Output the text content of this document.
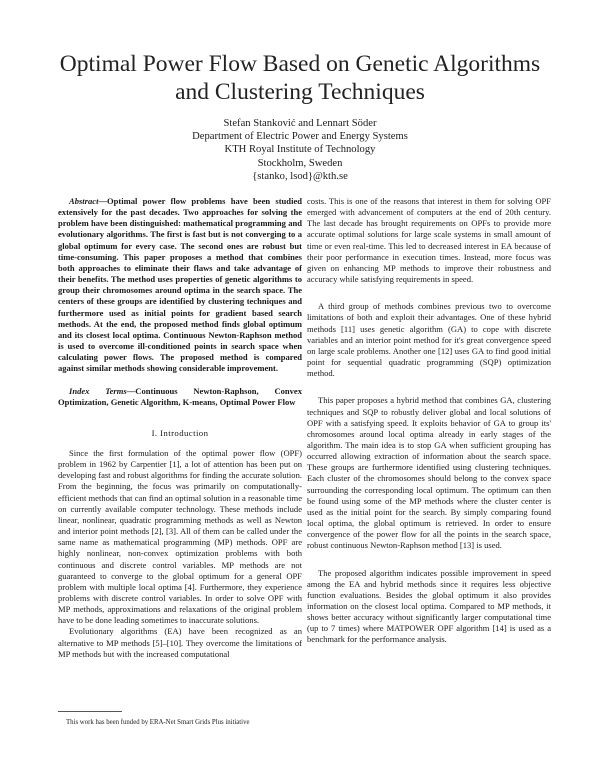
Optimal Power Flow Based on Genetic Algorithms
and Clustering Techniques
Stefan Stanković and Lennart Söder
Department of Electric Power and Energy Systems
KTH Royal Institute of Technology
Stockholm, Sweden
{stanko, lsod}@kth.se

Abstract—Optimal power flow problems have been studied extensively for the past decades. Two approaches for solving the problem have been distinguished: mathematical programming and evolutionary algorithms. The first is fast but is not converging to a global optimum for every case. The second ones are robust but time-consuming. This paper proposes a method that combines both approaches to eliminate their flaws and take advantage of their benefits. The method uses properties of genetic algorithms to group their chromosomes around optima in the search space. The centers of these groups are identified by clustering techniques and furthermore used as initial points for gradient based search methods. At the end, the proposed method finds global optimum and its closest local optima. Continuous Newton-Raphson method is used to overcome ill-conditioned points in search space when calculating power flows. The proposed method is compared against similar methods showing considerable improvement.

Index Terms—Continuous Newton-Raphson, Convex Optimization, Genetic Algorithm, K-means, Optimal Power Flow

I. Introduction

Since the first formulation of the optimal power flow (OPF) problem in 1962 by Carpentier [1], a lot of attention has been put on developing fast and robust algorithms for finding the accurate solution. From the beginning, the focus was primarily on computationally-efficient methods that can find an optimal solution in a reasonable time on currently available computer technology. These methods include linear, nonlinear, quadratic programming methods as well as Newton and interior point methods [2], [3]. All of them can be called under the same name as mathematical programming (MP) methods. OPF are highly nonlinear, non-convex optimization problems with both continuous and discrete control variables. MP methods are not guaranteed to converge to the global optimum for a general OPF problem with multiple local optima [4]. Furthermore, they experience problems with discrete control variables. In order to solve OPF with MP methods, approximations and relaxations of the original problem have to be done leading sometimes to inaccurate solutions.

Evolutionary algorithms (EA) have been recognized as an alternative to MP methods [5]–[10]. They overcome the limitations of MP methods but with the increased computational

costs. This is one of the reasons that interest in them for solving OPF emerged with advancement of computers at the end of 20th century. The last decade has brought requirements on OPFs to provide more accurate optimal solutions for large scale systems in small amount of time or even real-time. This led to decreased interest in EA because of their poor performance in execution times. Instead, more focus was given on enhancing MP methods to improve their robustness and accuracy while satisfying requirements in speed.

A third group of methods combines previous two to overcome limitations of both and exploit their advantages. One of these hybrid methods [11] uses genetic algorithm (GA) to cope with discrete variables and an interior point method for it's great convergence speed on large scale problems. Another one [12] uses GA to find good initial point for sequential quadratic programming (SQP) optimization method.

This paper proposes a hybrid method that combines GA, clustering techniques and SQP to robustly deliver global and local solutions of OPF with a satisfying speed. It exploits behavior of GA to group its' chromosomes around local optima already in early stages of the algorithm. The main idea is to stop GA when sufficient grouping has occurred allowing extraction of information about the search space. These groups are furthermore identified using clustering techniques. Each cluster of the chromosomes should belong to the convex space surrounding the corresponding local optimum. The optimum can then be found using some of the MP methods where the cluster center is used as the initial point for the search. By simply comparing found local optima, the global optimum is retrieved. In order to ensure convergence of the power flow for all the points in the search space, robust continuous Newton-Raphson method [13] is used.

The proposed algorithm indicates possible improvement in speed among the EA and hybrid methods since it requires less objective function evaluations. Besides the global optimum it also provides information on the closest local optima. Compared to MP methods, it shows better accuracy without significantly larger computational time (up to 7 times) where MATPOWER OPF algorithm [14] is used as a benchmark for the performance analysis.

This work has been funded by ERA-Net Smart Grids Plus initiative
